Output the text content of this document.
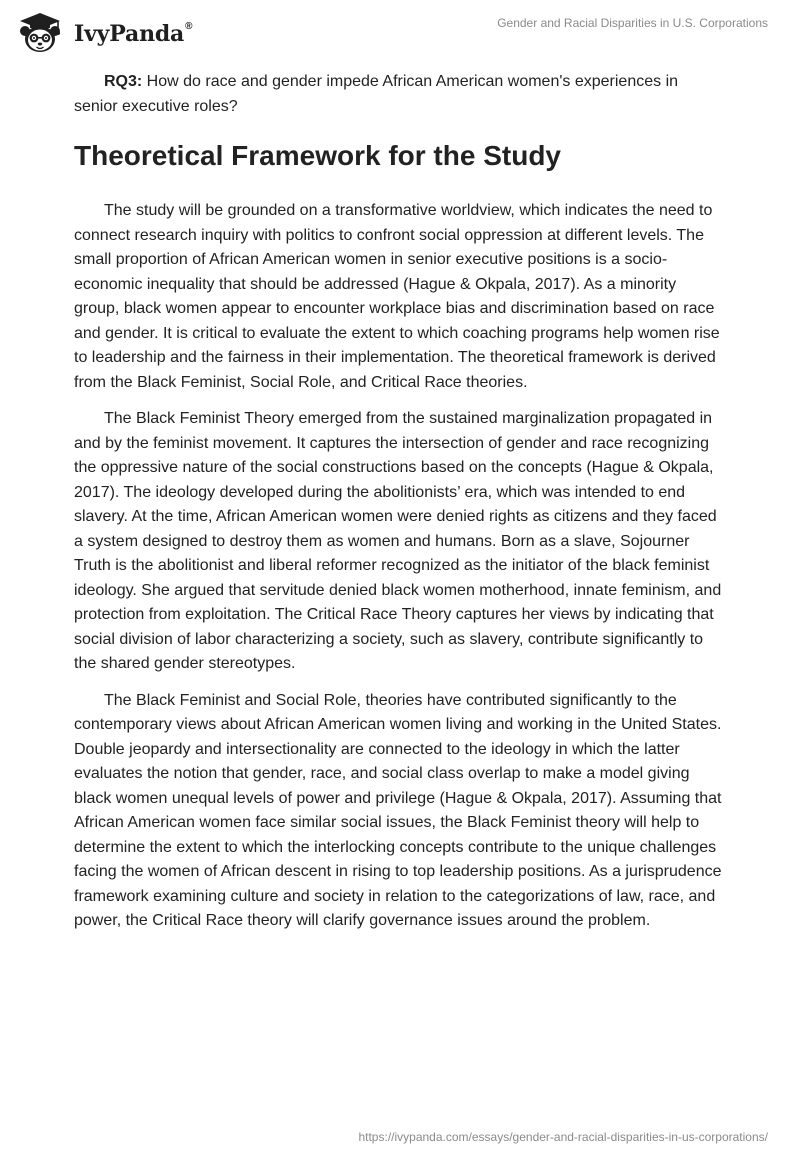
IvyPanda®	Gender and Racial Disparities in U.S. Corporations

RQ3: How do race and gender impede African American women's experiences in senior executive roles?

Theoretical Framework for the Study

The study will be grounded on a transformative worldview, which indicates the need to connect research inquiry with politics to confront social oppression at different levels. The small proportion of African American women in senior executive positions is a socio-economic inequality that should be addressed (Hague & Okpala, 2017). As a minority group, black women appear to encounter workplace bias and discrimination based on race and gender. It is critical to evaluate the extent to which coaching programs help women rise to leadership and the fairness in their implementation. The theoretical framework is derived from the Black Feminist, Social Role, and Critical Race theories.

The Black Feminist Theory emerged from the sustained marginalization propagated in and by the feminist movement. It captures the intersection of gender and race recognizing the oppressive nature of the social constructions based on the concepts (Hague & Okpala, 2017). The ideology developed during the abolitionists’ era, which was intended to end slavery. At the time, African American women were denied rights as citizens and they faced a system designed to destroy them as women and humans. Born as a slave, Sojourner Truth is the abolitionist and liberal reformer recognized as the initiator of the black feminist ideology. She argued that servitude denied black women motherhood, innate feminism, and protection from exploitation. The Critical Race Theory captures her views by indicating that social division of labor characterizing a society, such as slavery, contribute significantly to the shared gender stereotypes.

The Black Feminist and Social Role, theories have contributed significantly to the contemporary views about African American women living and working in the United States. Double jeopardy and intersectionality are connected to the ideology in which the latter evaluates the notion that gender, race, and social class overlap to make a model giving black women unequal levels of power and privilege (Hague & Okpala, 2017). Assuming that African American women face similar social issues, the Black Feminist theory will help to determine the extent to which the interlocking concepts contribute to the unique challenges facing the women of African descent in rising to top leadership positions. As a jurisprudence framework examining culture and society in relation to the categorizations of law, race, and power, the Critical Race theory will clarify governance issues around the problem.

https://ivypanda.com/essays/gender-and-racial-disparities-in-us-corporations/
